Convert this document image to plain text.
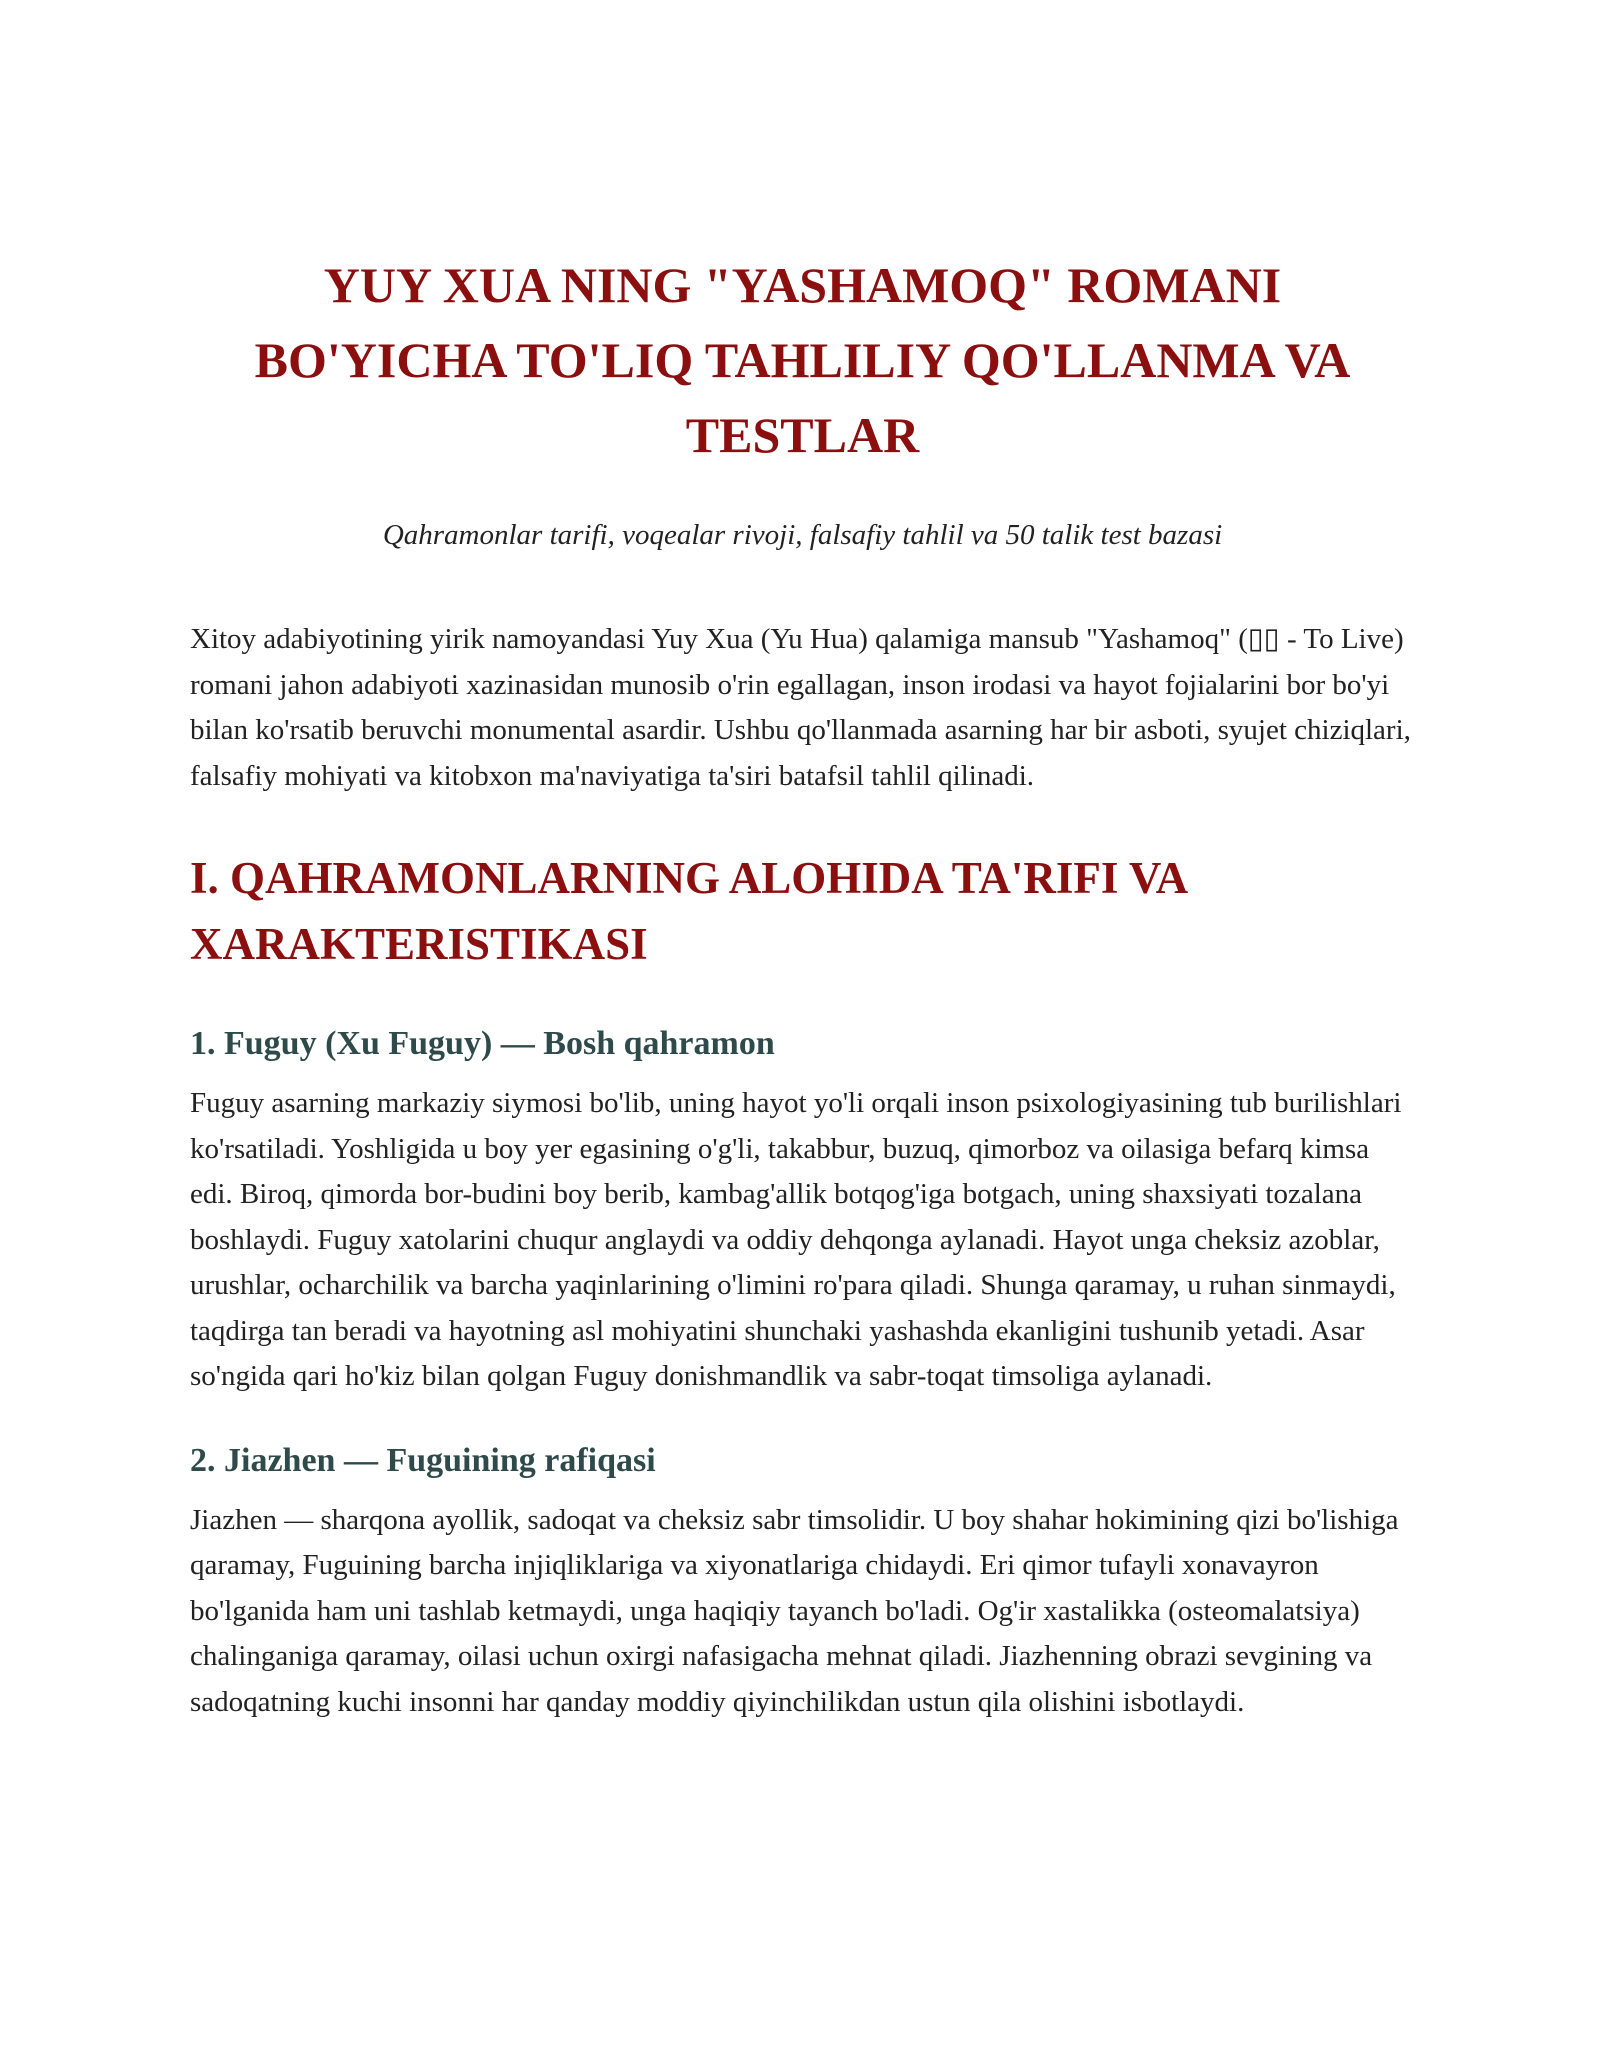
YUY XUA NING "YASHAMOQ" ROMANI BO'YICHA TO'LIQ TAHLILIY QO'LLANMA VA TESTLAR

Qahramonlar tarifi, voqealar rivoji, falsafiy tahlil va 50 talik test bazasi

Xitoy adabiyotining yirik namoyandasi Yuy Xua (Yu Hua) qalamiga mansub "Yashamoq" (▯▯ - To Live) romani jahon adabiyoti xazinasidan munosib o'rin egallagan, inson irodasi va hayot fojialarini bor bo'yi bilan ko'rsatib beruvchi monumental asardir. Ushbu qo'llanmada asarning har bir asboti, syujet chiziqlari, falsafiy mohiyati va kitobxon ma'naviyatiga ta'siri batafsil tahlil qilinadi.

I. QAHRAMONLARNING ALOHIDA TA'RIFI VA XARAKTERISTIKASI
1. Fuguy (Xu Fuguy) — Bosh qahramon

Fuguy asarning markaziy siymosi bo'lib, uning hayot yo'li orqali inson psixologiyasining tub burilishlari ko'rsatiladi. Yoshligida u boy yer egasining o'g'li, takabbur, buzuq, qimorboz va oilasiga befarq kimsa edi. Biroq, qimorda bor-budini boy berib, kambag'allik botqog'iga botgach, uning shaxsiyati tozalana boshlaydi. Fuguy xatolarini chuqur anglaydi va oddiy dehqonga aylanadi. Hayot unga cheksiz azoblar, urushlar, ocharchilik va barcha yaqinlarining o'limini ro'para qiladi. Shunga qaramay, u ruhan sinmaydi, taqdirga tan beradi va hayotning asl mohiyatini shunchaki yashashda ekanligini tushunib yetadi. Asar so'ngida qari ho'kiz bilan qolgan Fuguy donishmandlik va sabr-toqat timsoliga aylanadi.

2. Jiazhen — Fuguining rafiqasi

Jiazhen — sharqona ayollik, sadoqat va cheksiz sabr timsolidir. U boy shahar hokimining qizi bo'lishiga qaramay, Fuguining barcha injiqliklariga va xiyonatlariga chidaydi. Eri qimor tufayli xonavayron bo'lganida ham uni tashlab ketmaydi, unga haqiqiy tayanch bo'ladi. Og'ir xastalikka (osteomalatsiya) chalinganiga qaramay, oilasi uchun oxirgi nafasigacha mehnat qiladi. Jiazhenning obrazi sevgining va sadoqatning kuchi insonni har qanday moddiy qiyinchilikdan ustun qila olishini isbotlaydi.
